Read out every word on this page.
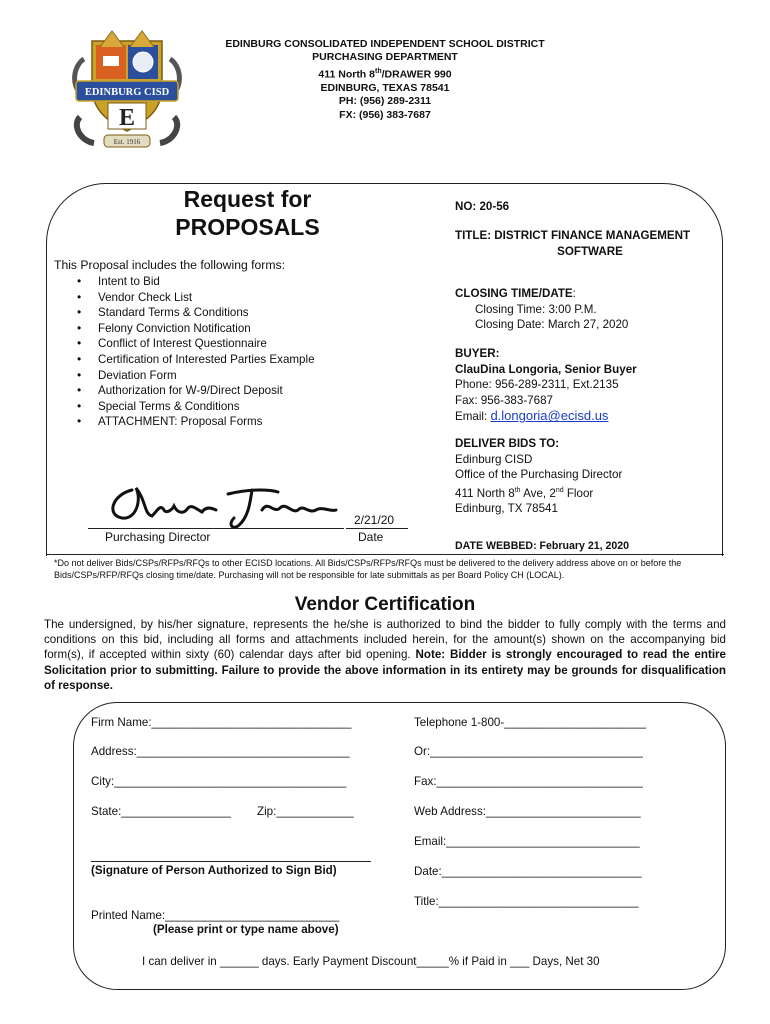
EDINBURG CISD
E
Est. 1916
EDINBURG CONSOLIDATED INDEPENDENT SCHOOL DISTRICT
PURCHASING DEPARTMENT
411 North 8th/DRAWER 990
EDINBURG, TEXAS 78541
PH: (956) 289-2311
FX: (956) 383-7687
Request for
PROPOSALS
This Proposal includes the following forms:
• Intent to Bid
• Vendor Check List
• Standard Terms & Conditions
• Felony Conviction Notification
• Conflict of Interest Questionnaire
• Certification of Interested Parties Example
• Deviation Form
• Authorization for W-9/Direct Deposit
• Special Terms & Conditions
• ATTACHMENT: Proposal Forms
2/21/20
Purchasing Director	Date
NO: 20-56
TITLE: DISTRICT FINANCE MANAGEMENT
SOFTWARE
CLOSING TIME/DATE:
Closing Time: 3:00 P.M.
Closing Date: March 27, 2020
BUYER:
ClauDina Longoria, Senior Buyer
Phone: 956-289-2311, Ext.2135
Fax: 956-383-7687
Email: d.longoria@ecisd.us
DELIVER BIDS TO:
Edinburg CISD
Office of the Purchasing Director
411 North 8th Ave, 2nd Floor
Edinburg, TX 78541
DATE WEBBED: February 21, 2020
*Do not deliver Bids/CSPs/RFPs/RFQs to other ECISD locations. All Bids/CSPs/RFPs/RFQs must be delivered to the delivery address above on or before the Bids/CSPs/RFP/RFQs closing time/date. Purchasing will not be responsible for late submittals as per Board Policy CH (LOCAL).
Vendor Certification
The undersigned, by his/her signature, represents the he/she is authorized to bind the bidder to fully comply with the terms and conditions on this bid, including all forms and attachments included herein, for the amount(s) shown on the accompanying bid form(s), if accepted within sixty (60) calendar days after bid opening. Note: Bidder is strongly encouraged to read the entire Solicitation prior to submitting. Failure to provide the above information in its entirety may be grounds for disqualification of response.
Firm Name:_______________________________
Address:_________________________________
City:____________________________________
State:_________________ Zip:____________
(Signature of Person Authorized to Sign Bid)
Printed Name:___________________________
(Please print or type name above)
Telephone 1-800-______________________
Or:_________________________________
Fax:________________________________
Web Address:________________________
Email:______________________________
Date:_______________________________
Title:_______________________________
I can deliver in ______ days. Early Payment Discount_____% if Paid in ___ Days, Net 30
